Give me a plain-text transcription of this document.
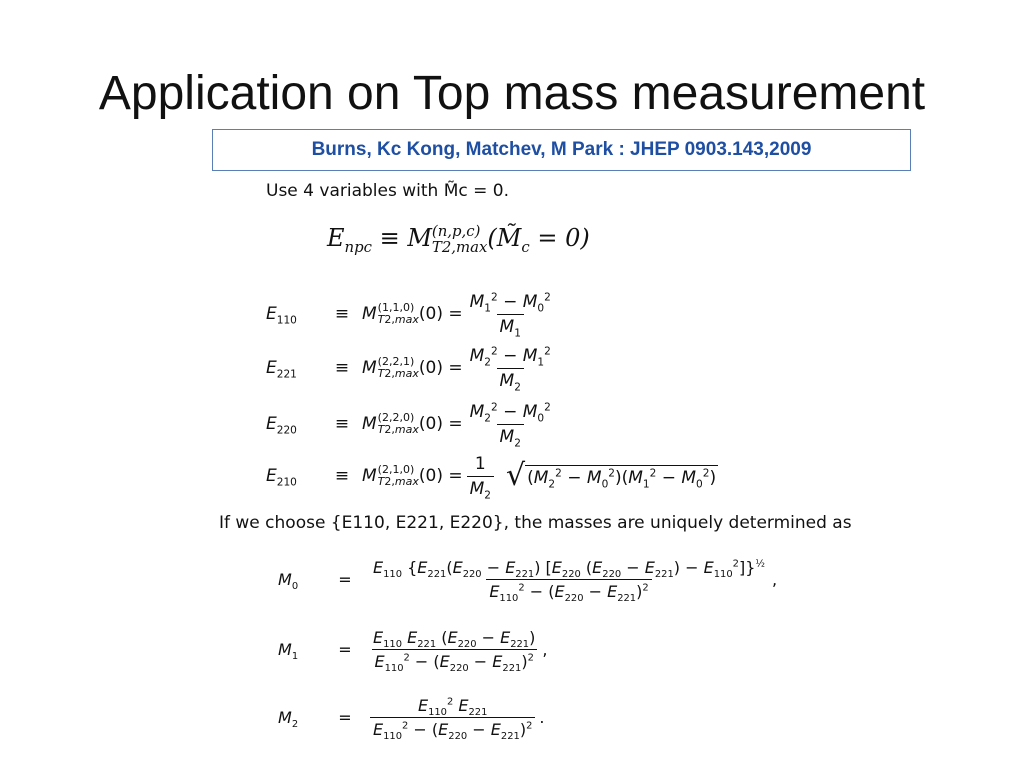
Application on Top mass measurement
Burns, Kc Kong, Matchev, M Park : JHEP 0903.143,2009
Use 4 variables with M̃c = 0.
$E_{npc} \equiv M$ (n,p,c)
T2,max $(M̃_c = 0)$
$E_{110}$	≡ M (1,1,0)
T2,max $(0) = \frac{M_1^2 - M_0^2}{M_1}$
$E_{221}$	≡ M (2,2,1)
T2,max $(0) = \frac{M_2^2 - M_1^2}{M_2}$
$E_{220}$	≡ M (2,2,0)
T2,max $(0) = \frac{M_2^2 - M_0^2}{M_2}$
$E_{210}$	≡ M (2,1,0)
T2,max $(0) = \frac{1}{M_2}$ √ $(M_2^2 - M_0^2)(M_1^2 - M_0^2)$
If we choose {E110, E221, E220}, the masses are uniquely determined as
$M_0$	=	$\frac{E_{110} \{E_{221}(E_{220} - E_{221}) [E_{220} (E_{220} - E_{221}) - E_{110}^2]\}^{\frac{1}{2}}}{E_{110}^2 - (E_{220} - E_{221})^2}$ ,
$M_1$	=	$\frac{E_{110} E_{221} (E_{220} - E_{221})}{E_{110}^2 - (E_{220} - E_{221})^2}$ ,
$M_2$	=	$\frac{E_{110}^2 E_{221}}{E_{110}^2 - (E_{220} - E_{221})^2}$ .
